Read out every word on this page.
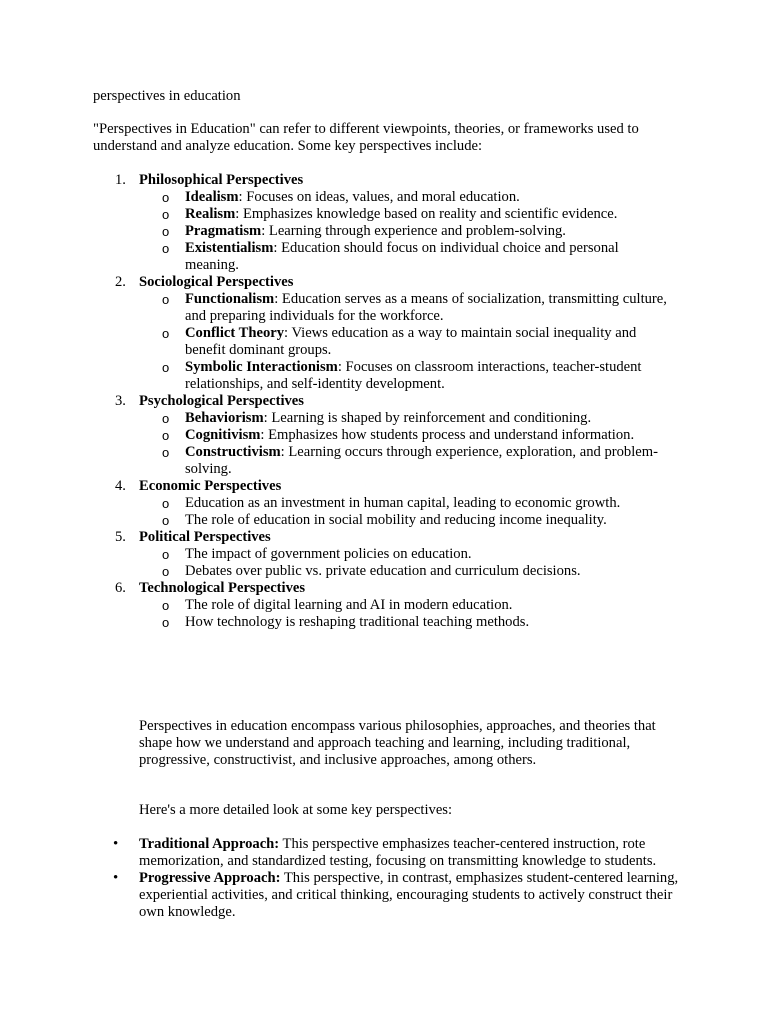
perspectives in education
"Perspectives in Education" can refer to different viewpoints, theories, or frameworks used to understand and analyze education. Some key perspectives include:
1. Philosophical Perspectives
o Idealism: Focuses on ideas, values, and moral education.
o Realism: Emphasizes knowledge based on reality and scientific evidence.
o Pragmatism: Learning through experience and problem-solving.
o Existentialism: Education should focus on individual choice and personal meaning.
2. Sociological Perspectives
o Functionalism: Education serves as a means of socialization, transmitting culture, and preparing individuals for the workforce.
o Conflict Theory: Views education as a way to maintain social inequality and benefit dominant groups.
o Symbolic Interactionism: Focuses on classroom interactions, teacher-student relationships, and self-identity development.
3. Psychological Perspectives
o Behaviorism: Learning is shaped by reinforcement and conditioning.
o Cognitivism: Emphasizes how students process and understand information.
o Constructivism: Learning occurs through experience, exploration, and problem-solving.
4. Economic Perspectives
o Education as an investment in human capital, leading to economic growth.
o The role of education in social mobility and reducing income inequality.
5. Political Perspectives
o The impact of government policies on education.
o Debates over public vs. private education and curriculum decisions.
6. Technological Perspectives
o The role of digital learning and AI in modern education.
o How technology is reshaping traditional teaching methods.
Perspectives in education encompass various philosophies, approaches, and theories that shape how we understand and approach teaching and learning, including traditional, progressive, constructivist, and inclusive approaches, among others.
Here's a more detailed look at some key perspectives:
• Traditional Approach: This perspective emphasizes teacher-centered instruction, rote memorization, and standardized testing, focusing on transmitting knowledge to students.
• Progressive Approach: This perspective, in contrast, emphasizes student-centered learning, experiential activities, and critical thinking, encouraging students to actively construct their own knowledge.
